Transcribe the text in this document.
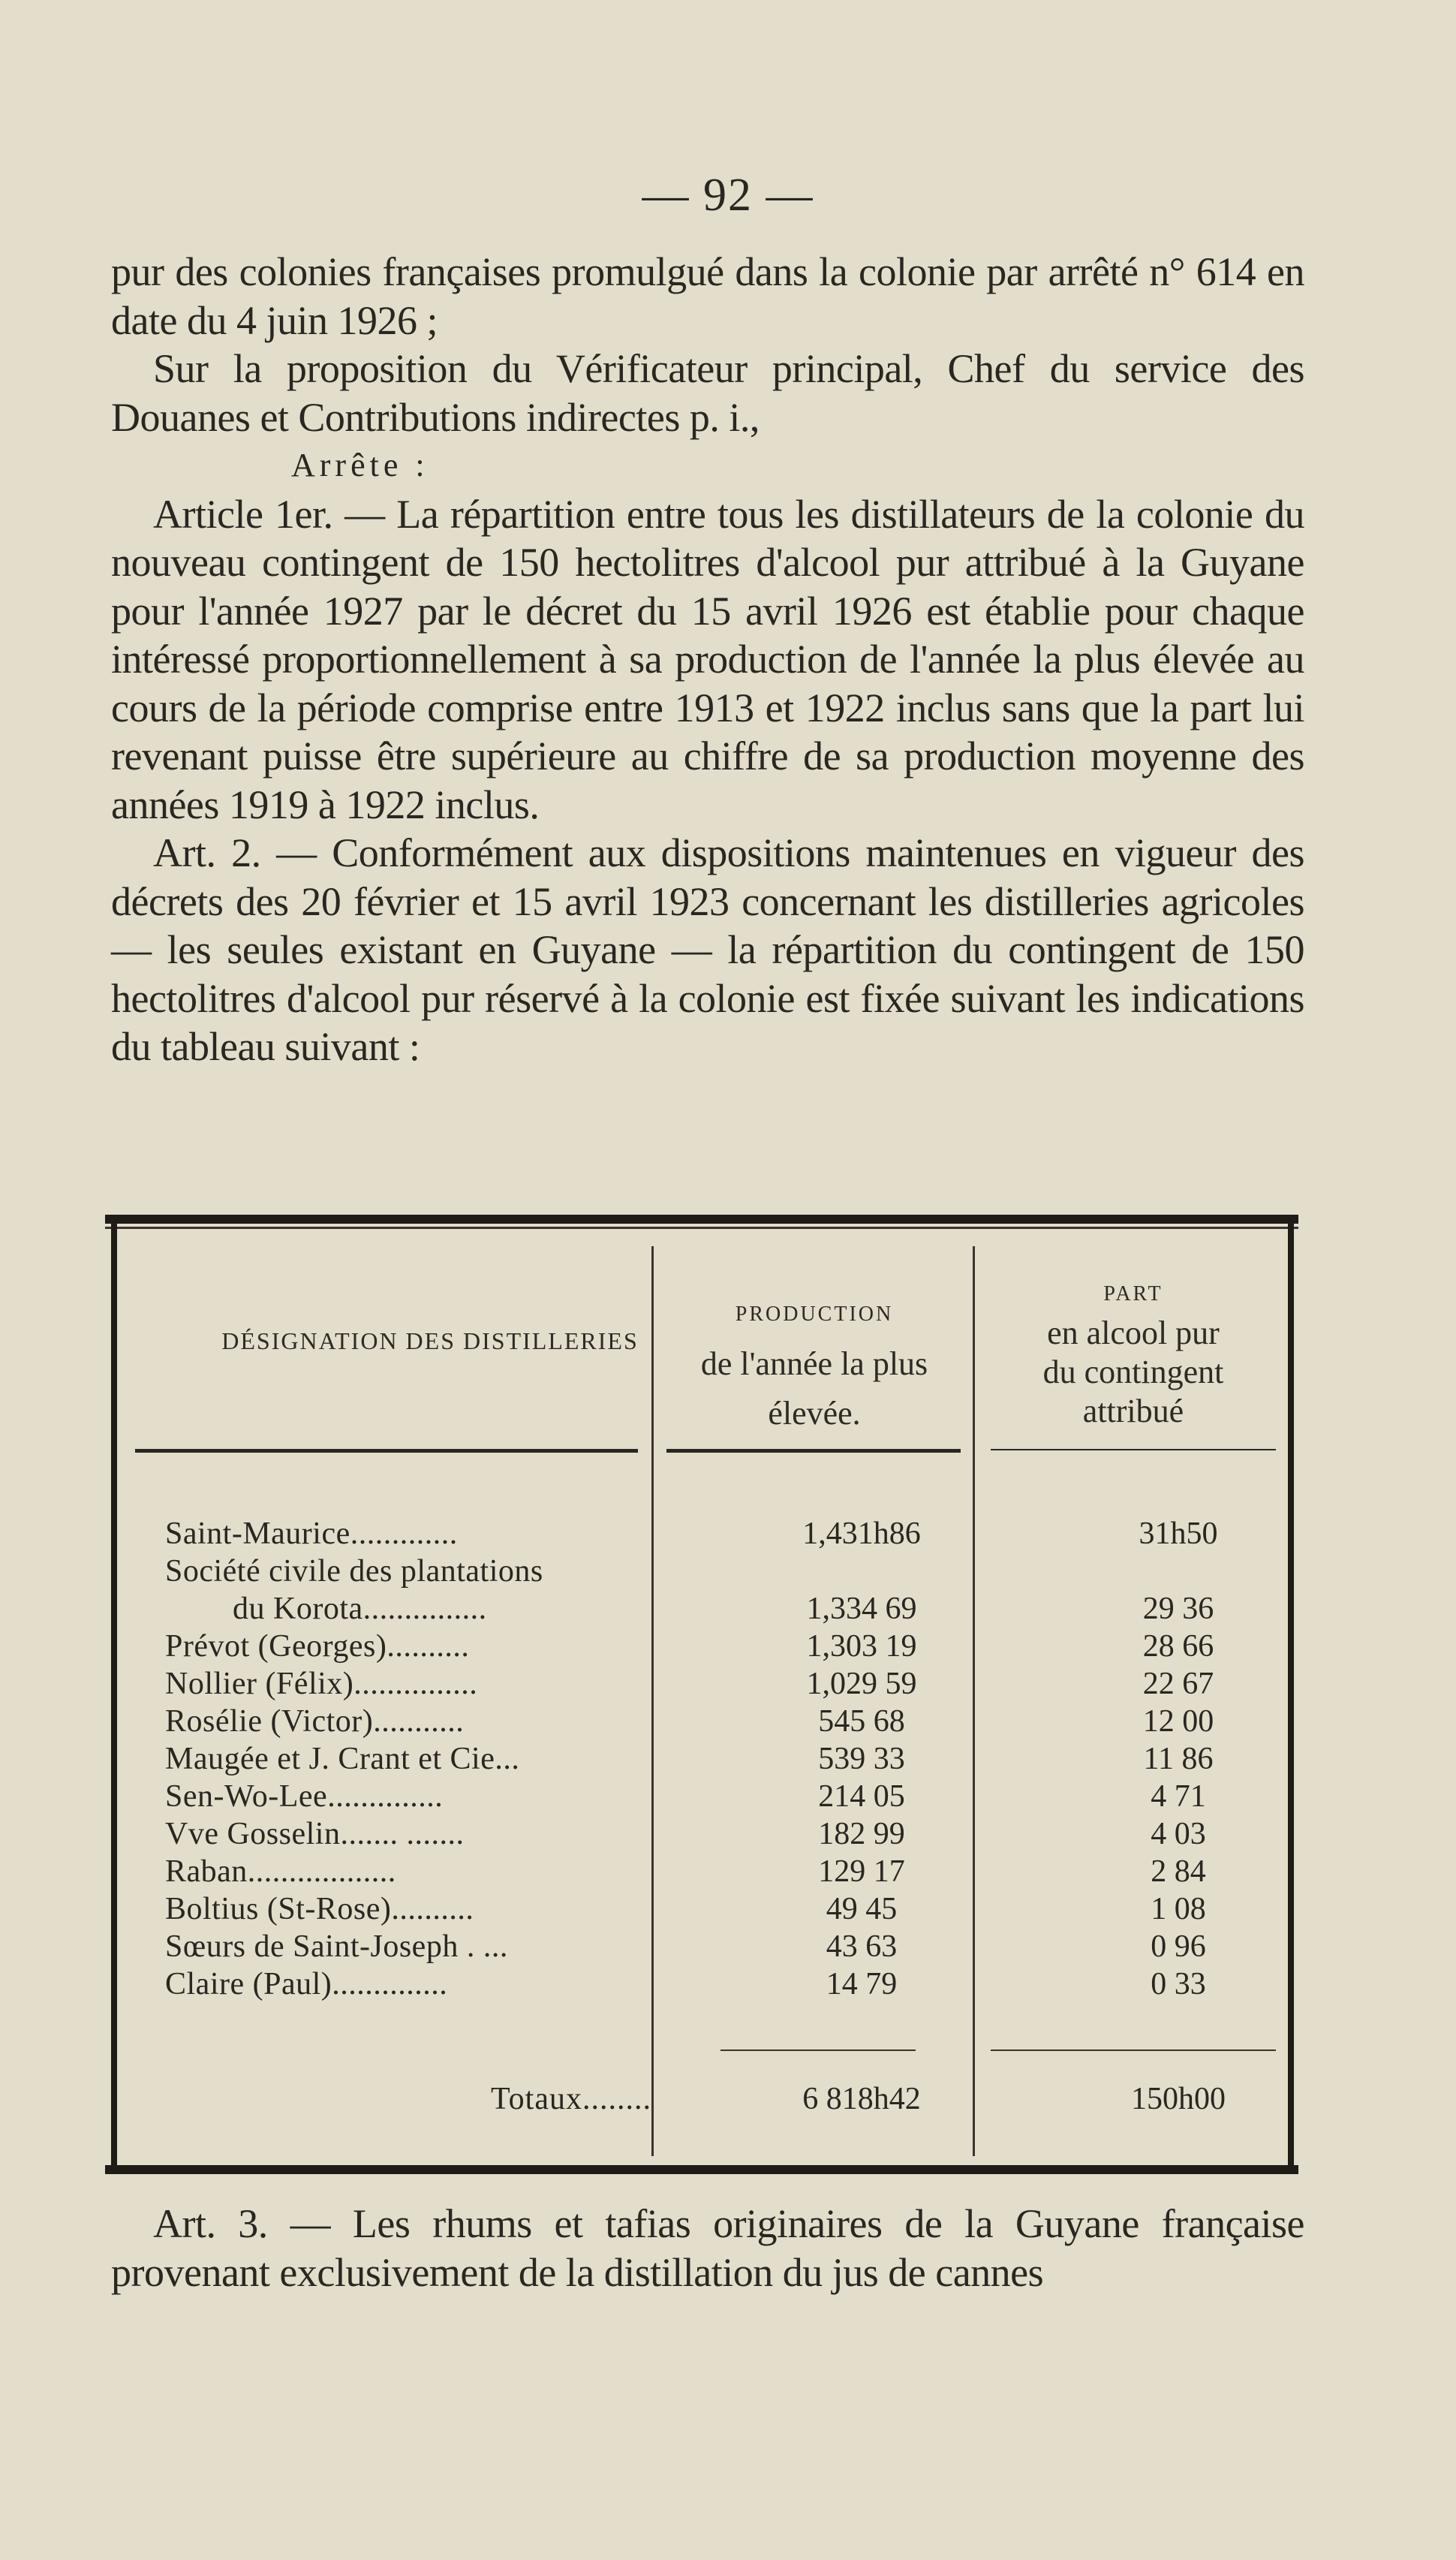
— 92 —

pur des colonies françaises promulgué dans la colonie par arrêté n° 614 en date du 4 juin 1926 ;

Sur la proposition du Vérificateur principal, Chef du service des Douanes et Contributions indirectes p. i.,

Arrête :

Article 1er. — La répartition entre tous les distillateurs de la colonie du nouveau contingent de 150 hectolitres d'alcool pur attribué à la Guyane pour l'année 1927 par le décret du 15 avril 1926 est établie pour chaque intéressé proportionnellement à sa production de l'année la plus élevée au cours de la période comprise entre 1913 et 1922 inclus sans que la part lui revenant puisse être supérieure au chiffre de sa production moyenne des années 1919 à 1922 inclus.

Art. 2. — Conformément aux dispositions maintenues en vigueur des décrets des 20 février et 15 avril 1923 concernant les distilleries agricoles — les seules existant en Guyane — la répartition du contingent de 150 hectolitres d'alcool pur réservé à la colonie est fixée suivant les indications du tableau suivant :

DÉSIGNATION DES DISTILLERIES
PRODUCTION
de l'année la plus
élevée.
PART
en alcool pur
du contingent
attribué
Saint-Maurice.............	1,431h86	31h50
Société civile des plantations
du Korota...............	1,334 69	29 36
Prévot (Georges)..........	1,303 19	28 66
Nollier (Félix)...............	1,029 59	22 67
Rosélie (Victor)...........	545 68	12 00
Maugée et J. Crant et Cie...	539 33	11 86
Sen-Wo-Lee..............	214 05	4 71
Vve Gosselin....... .......	182 99	4 03
Raban..................	129 17	2 84
Boltius (St-Rose)..........	49 45	1 08
Sœurs de Saint-Joseph . ...	43 63	0 96
Claire (Paul)..............	14 79	0 33
Totaux........	6 818h42	150h00

Art. 3. — Les rhums et tafias originaires de la Guyane française provenant exclusivement de la distillation du jus de cannes
